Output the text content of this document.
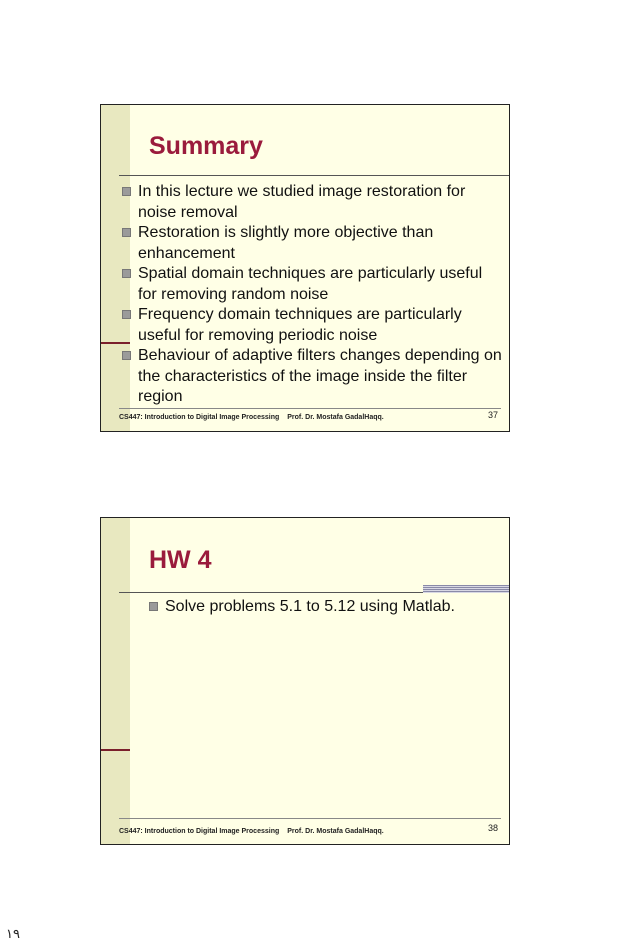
Summary
In this lecture we studied image restoration for noise removal
Restoration is slightly more objective than enhancement
Spatial domain techniques are particularly useful for removing random noise
Frequency domain techniques are particularly useful for removing periodic noise
Behaviour of adaptive filters changes depending on the characteristics of the image inside the filter region
CS447: Introduction to Digital Image Processing Prof. Dr. Mostafa GadalHaqq.	37
HW 4
Solve problems 5.1 to 5.12 using Matlab.
CS447: Introduction to Digital Image Processing Prof. Dr. Mostafa GadalHaqq.	38
١٩
